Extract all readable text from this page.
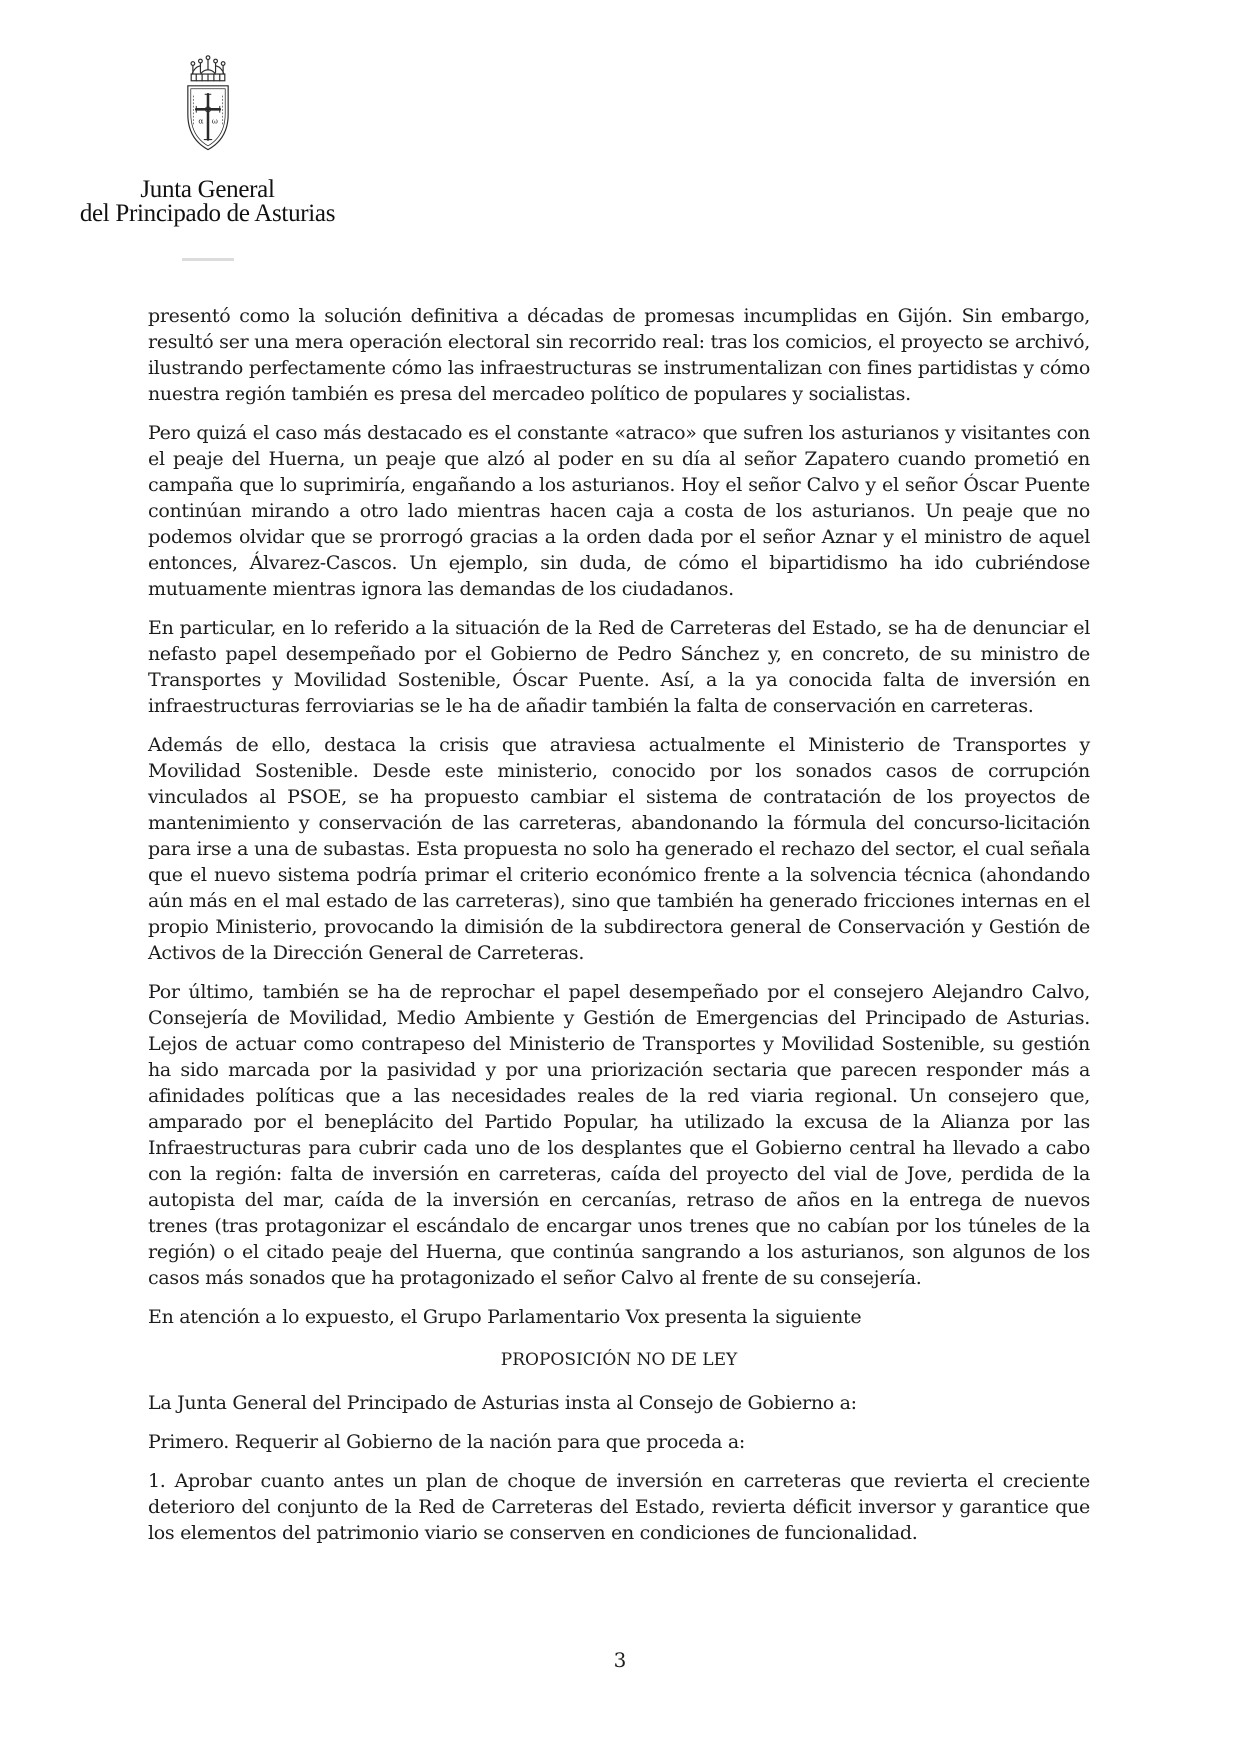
α ω
Junta General
del Principado de Asturias

presentó como la solución definitiva a décadas de promesas incumplidas en Gijón. Sin embargo, resultó ser una mera operación electoral sin recorrido real: tras los comicios, el proyecto se archivó, ilustrando perfectamente cómo las infraestructuras se instrumentalizan con fines partidistas y cómo nuestra región también es presa del mercadeo político de populares y socialistas.

Pero quizá el caso más destacado es el constante «atraco» que sufren los asturianos y visitantes con el peaje del Huerna, un peaje que alzó al poder en su día al señor Zapatero cuando prometió en campaña que lo suprimiría, engañando a los asturianos. Hoy el señor Calvo y el señor Óscar Puente continúan mirando a otro lado mientras hacen caja a costa de los asturianos. Un peaje que no podemos olvidar que se prorrogó gracias a la orden dada por el señor Aznar y el ministro de aquel entonces, Álvarez-Cascos. Un ejemplo, sin duda, de cómo el bipartidismo ha ido cubriéndose mutuamente mientras ignora las demandas de los ciudadanos.

En particular, en lo referido a la situación de la Red de Carreteras del Estado, se ha de denunciar el nefasto papel desempeñado por el Gobierno de Pedro Sánchez y, en concreto, de su ministro de Transportes y Movilidad Sostenible, Óscar Puente. Así, a la ya conocida falta de inversión en infraestructuras ferroviarias se le ha de añadir también la falta de conservación en carreteras.

Además de ello, destaca la crisis que atraviesa actualmente el Ministerio de Transportes y Movilidad Sostenible. Desde este ministerio, conocido por los sonados casos de corrupción vinculados al PSOE, se ha propuesto cambiar el sistema de contratación de los proyectos de mantenimiento y conservación de las carreteras, abandonando la fórmula del concurso-licitación para irse a una de subastas. Esta propuesta no solo ha generado el rechazo del sector, el cual señala que el nuevo sistema podría primar el criterio económico frente a la solvencia técnica (ahondando aún más en el mal estado de las carreteras), sino que también ha generado fricciones internas en el propio Ministerio, provocando la dimisión de la subdirectora general de Conservación y Gestión de Activos de la Dirección General de Carreteras.

Por último, también se ha de reprochar el papel desempeñado por el consejero Alejandro Calvo, Consejería de Movilidad, Medio Ambiente y Gestión de Emergencias del Principado de Asturias. Lejos de actuar como contrapeso del Ministerio de Transportes y Movilidad Sostenible, su gestión ha sido marcada por la pasividad y por una priorización sectaria que parecen responder más a afinidades políticas que a las necesidades reales de la red viaria regional. Un consejero que, amparado por el beneplácito del Partido Popular, ha utilizado la excusa de la Alianza por las Infraestructuras para cubrir cada uno de los desplantes que el Gobierno central ha llevado a cabo con la región: falta de inversión en carreteras, caída del proyecto del vial de Jove, perdida de la autopista del mar, caída de la inversión en cercanías, retraso de años en la entrega de nuevos trenes (tras protagonizar el escándalo de encargar unos trenes que no cabían por los túneles de la región) o el citado peaje del Huerna, que continúa sangrando a los asturianos, son algunos de los casos más sonados que ha protagonizado el señor Calvo al frente de su consejería.

En atención a lo expuesto, el Grupo Parlamentario Vox presenta la siguiente

PROPOSICIÓN NO DE LEY

La Junta General del Principado de Asturias insta al Consejo de Gobierno a:

Primero. Requerir al Gobierno de la nación para que proceda a:

1. Aprobar cuanto antes un plan de choque de inversión en carreteras que revierta el creciente deterioro del conjunto de la Red de Carreteras del Estado, revierta déficit inversor y garantice que los elementos del patrimonio viario se conserven en condiciones de funcionalidad.

3
